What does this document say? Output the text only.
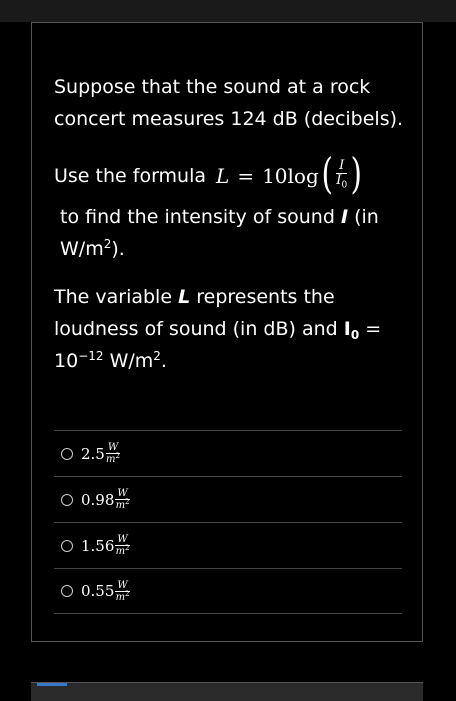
Suppose that the sound at a rock concert measures 124 dB (decibels).

Use the formula L = 10 log ( $\frac{I}{I_0}$ )

to find the intensity of sound I (in $W/m^2$).

The variable L represents the loudness of sound (in dB) and $I_0 = 10^{-12}$ $W/m^2$.

$2.5 \frac{W}{m^2}$
$0.98 \frac{W}{m^2}$
$1.56 \frac{W}{m^2}$
$0.55 \frac{W}{m^2}$
